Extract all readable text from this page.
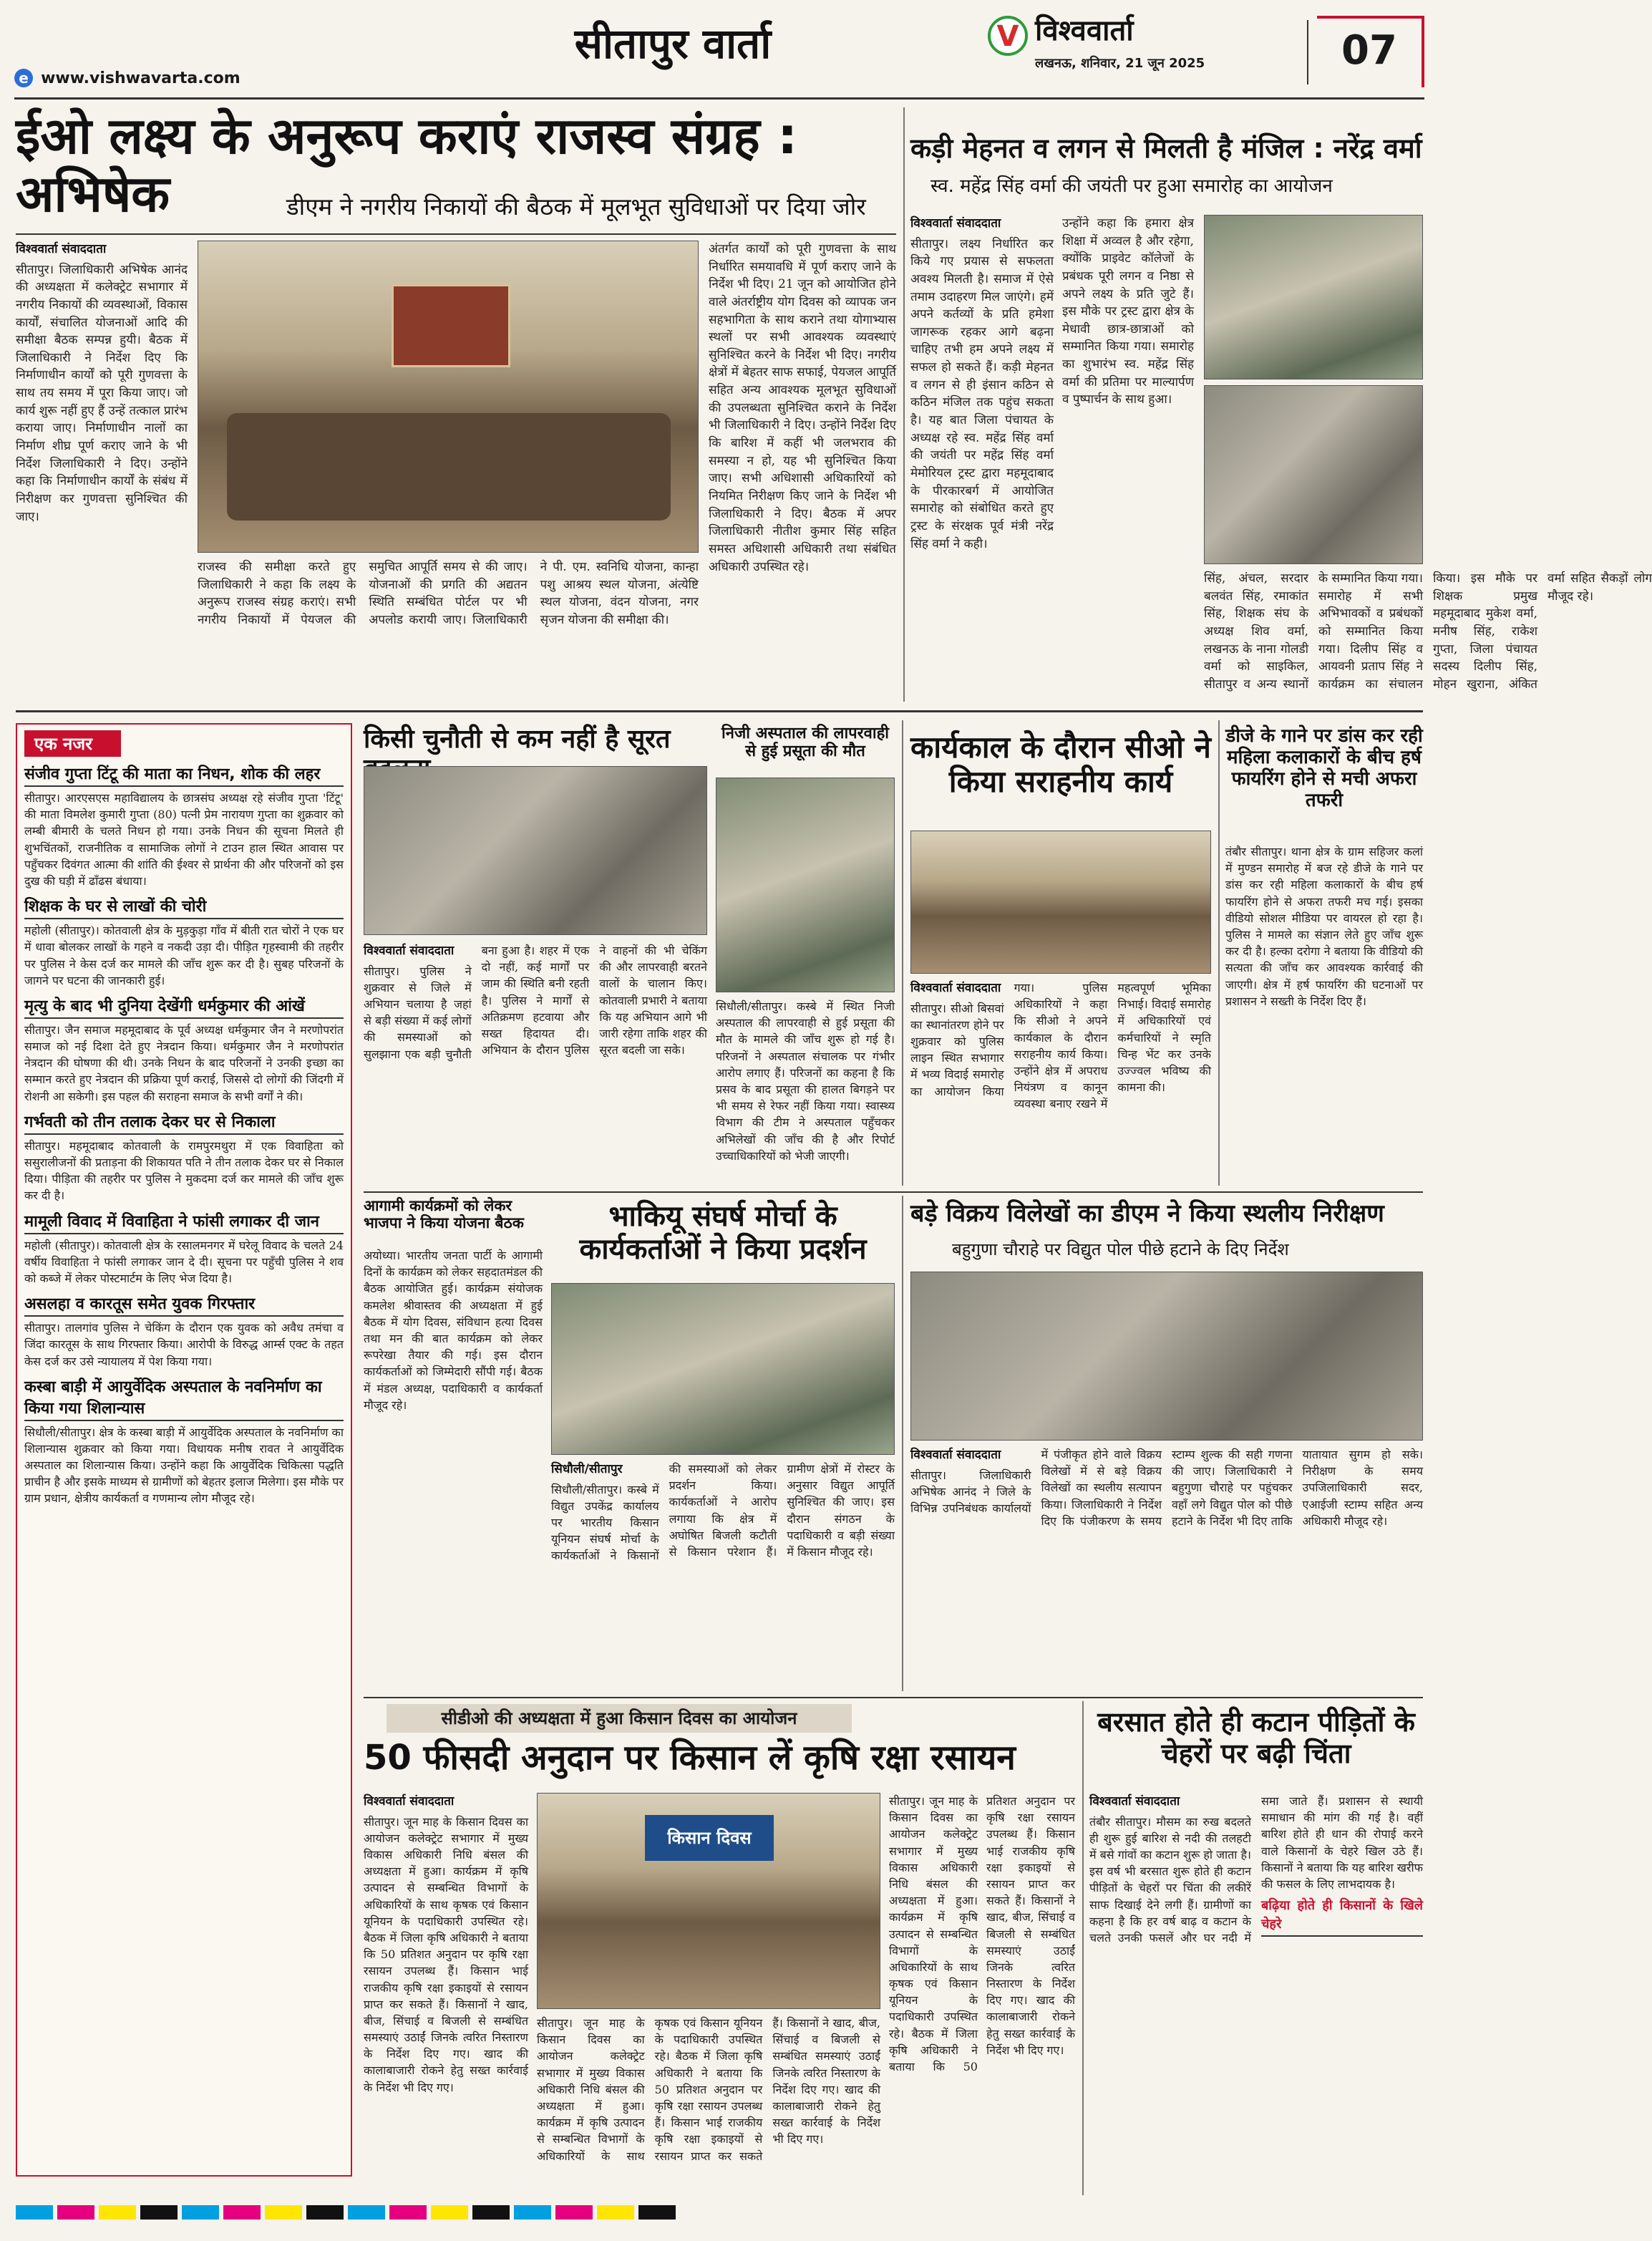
e www.vishwavarta.com
सीतापुर वार्ता	V विश्ववार्ता
लखनऊ, शनिवार, 21 जून 2025	07
ईओ लक्ष्य के अनुरूप कराएं राजस्व संग्रह : अभिषेक	डीएम ने नगरीय निकायों की बैठक में मूलभूत सुविधाओं पर दिया जोर
विश्ववार्ता संवाददाता
सीतापुर। जिलाधिकारी अभिषेक आनंद की अध्यक्षता में कलेक्ट्रेट सभागार में नगरीय निकायों की व्यवस्थाओं, विकास कार्यों, संचालित योजनाओं आदि की समीक्षा बैठक सम्पन्न हुयी। बैठक में जिलाधिकारी ने निर्देश दिए कि निर्माणाधीन कार्यों को पूरी गुणवत्ता के साथ तय समय में पूरा किया जाए। जो कार्य शुरू नहीं हुए हैं उन्हें तत्काल प्रारंभ कराया जाए। निर्माणाधीन नालों का निर्माण शीघ्र पूर्ण कराए जाने के भी निर्देश जिलाधिकारी ने दिए। उन्होंने कहा कि निर्माणाधीन कार्यों के संबंध में निरीक्षण कर गुणवत्ता सुनिश्चित की जाए।
राजस्व की समीक्षा करते हुए जिलाधिकारी ने कहा कि लक्ष्य के अनुरूप राजस्व संग्रह कराएं। सभी नगरीय निकायों में पेयजल की समुचित आपूर्ति समय से की जाए। योजनाओं की प्रगति की अद्यतन स्थिति सम्बंधित पोर्टल पर भी अपलोड करायी जाए। जिलाधिकारी ने पी. एम. स्वनिधि योजना, कान्हा पशु आश्रय स्थल योजना, अंत्येष्टि स्थल योजना, वंदन योजना, नगर सृजन योजना की समीक्षा की।
अंतर्गत कार्यों को पूरी गुणवत्ता के साथ निर्धारित समयावधि में पूर्ण कराए जाने के निर्देश भी दिए। 21 जून को आयोजित होने वाले अंतर्राष्ट्रीय योग दिवस को व्यापक जन सहभागिता के साथ कराने तथा योगाभ्यास स्थलों पर सभी आवश्यक व्यवस्थाएं सुनिश्चित करने के निर्देश भी दिए। नगरीय क्षेत्रों में बेहतर साफ सफाई, पेयजल आपूर्ति सहित अन्य आवश्यक मूलभूत सुविधाओं की उपलब्धता सुनिश्चित कराने के निर्देश भी जिलाधिकारी ने दिए। उन्होंने निर्देश दिए कि बारिश में कहीं भी जलभराव की समस्या न हो, यह भी सुनिश्चित किया जाए। सभी अधिशासी अधिकारियों को नियमित निरीक्षण किए जाने के निर्देश भी जिलाधिकारी ने दिए। बैठक में अपर जिलाधिकारी नीतीश कुमार सिंह सहित समस्त अधिशासी अधिकारी तथा संबंधित अधिकारी उपस्थित रहे।
कड़ी मेहनत व लगन से मिलती है मंजिल : नरेंद्र वर्मा
स्व. महेंद्र सिंह वर्मा की जयंती पर हुआ समारोह का आयोजन
विश्ववार्ता संवाददाता
सीतापुर। लक्ष्य निर्धारित कर किये गए प्रयास से सफलता अवश्य मिलती है। समाज में ऐसे तमाम उदाहरण मिल जाएंगे। हमें अपने कर्तव्यों के प्रति हमेशा जागरूक रहकर आगे बढ़ना चाहिए तभी हम अपने लक्ष्य में सफल हो सकते हैं। कड़ी मेहनत व लगन से ही इंसान कठिन से कठिन मंजिल तक पहुंच सकता है। यह बात जिला पंचायत के अध्यक्ष रहे स्व. महेंद्र सिंह वर्मा की जयंती पर महेंद्र सिंह वर्मा मेमोरियल ट्रस्ट द्वारा महमूदाबाद के पीरकारबर्ग में आयोजित समारोह को संबोधित करते हुए ट्रस्ट के संरक्षक पूर्व मंत्री नरेंद्र सिंह वर्मा ने कही।
उन्होंने कहा कि हमारा क्षेत्र शिक्षा में अव्वल है और रहेगा, क्योंकि प्राइवेट कॉलेजों के प्रबंधक पूरी लगन व निष्ठा से अपने लक्ष्य के प्रति जुटे हैं। इस मौके पर ट्रस्ट द्वारा क्षेत्र के मेधावी छात्र-छात्राओं को सम्मानित किया गया। समारोह का शुभारंभ स्व. महेंद्र सिंह वर्मा की प्रतिमा पर माल्यार्पण व पुष्पार्चन के साथ हुआ।
सिंह, अंचल, सरदार बलवंत सिंह, रमाकांत सिंह, शिक्षक संघ के अध्यक्ष शिव वर्मा, लखनऊ के नाना गोलडी वर्मा को साइकिल, सीतापुर व अन्य स्थानों के सम्मानित किया गया। समारोह में सभी अभिभावकों व प्रबंधकों को सम्मानित किया गया। दिलीप सिंह व आयवनी प्रताप सिंह ने कार्यक्रम का संचालन किया। इस मौके पर शिक्षक प्रमुख महमूदाबाद मुकेश वर्मा, मनीष सिंह, राकेश गुप्ता, जिला पंचायत सदस्य दिलीप सिंह, मोहन खुराना, अंकित वर्मा सहित सैकड़ों लोग मौजूद रहे।
एक नजर
संजीव गुप्ता टिंटू की माता का निधन, शोक की लहर
सीतापुर। आरएसएस महाविद्यालय के छात्रसंघ अध्यक्ष रहे संजीव गुप्ता 'टिंटू' की माता विमलेश कुमारी गुप्ता (80) पत्नी प्रेम नारायण गुप्ता का शुक्रवार को लम्बी बीमारी के चलते निधन हो गया। उनके निधन की सूचना मिलते ही शुभचिंतकों, राजनीतिक व सामाजिक लोगों ने टाउन हाल स्थित आवास पर पहुँचकर दिवंगत आत्मा की शांति की ईश्वर से प्रार्थना की और परिजनों को इस दुख की घड़ी में ढाँढस बंधाया।
शिक्षक के घर से लाखों की चोरी
महोली (सीतापुर)। कोतवाली क्षेत्र के मुड़कुड़ा गाँव में बीती रात चोरों ने एक घर में धावा बोलकर लाखों के गहने व नकदी उड़ा दी। पीड़ित गृहस्वामी की तहरीर पर पुलिस ने केस दर्ज कर मामले की जाँच शुरू कर दी है। सुबह परिजनों के जागने पर घटना की जानकारी हुई।
मृत्यु के बाद भी दुनिया देखेंगी धर्मकुमार की आंखें
सीतापुर। जैन समाज महमूदाबाद के पूर्व अध्यक्ष धर्मकुमार जैन ने मरणोपरांत समाज को नई दिशा देते हुए नेत्रदान किया। धर्मकुमार जैन ने मरणोपरांत नेत्रदान की घोषणा की थी। उनके निधन के बाद परिजनों ने उनकी इच्छा का सम्मान करते हुए नेत्रदान की प्रक्रिया पूर्ण कराई, जिससे दो लोगों की जिंदगी में रोशनी आ सकेगी। इस पहल की सराहना समाज के सभी वर्गों ने की।
गर्भवती को तीन तलाक देकर घर से निकाला
सीतापुर। महमूदाबाद कोतवाली के रामपुरमथुरा में एक विवाहिता को ससुरालीजनों की प्रताड़ना की शिकायत पति ने तीन तलाक देकर घर से निकाल दिया। पीड़िता की तहरीर पर पुलिस ने मुकदमा दर्ज कर मामले की जाँच शुरू कर दी है।
मामूली विवाद में विवाहिता ने फांसी लगाकर दी जान
महोली (सीतापुर)। कोतवाली क्षेत्र के रसालमनगर में घरेलू विवाद के चलते 24 वर्षीय विवाहिता ने फांसी लगाकर जान दे दी। सूचना पर पहुँची पुलिस ने शव को कब्जे में लेकर पोस्टमार्टम के लिए भेज दिया है।
असलहा व कारतूस समेत युवक गिरफ्तार
सीतापुर। तालगांव पुलिस ने चेकिंग के दौरान एक युवक को अवैध तमंचा व जिंदा कारतूस के साथ गिरफ्तार किया। आरोपी के विरुद्ध आर्म्स एक्ट के तहत केस दर्ज कर उसे न्यायालय में पेश किया गया।
कस्बा बाड़ी में आयुर्वेदिक अस्पताल के नवनिर्माण का किया गया शिलान्यास
सिधौली/सीतापुर। क्षेत्र के कस्बा बाड़ी में आयुर्वेदिक अस्पताल के नवनिर्माण का शिलान्यास शुक्रवार को किया गया। विधायक मनीष रावत ने आयुर्वेदिक अस्पताल का शिलान्यास किया। उन्होंने कहा कि आयुर्वेदिक चिकित्सा पद्धति प्राचीन है और इसके माध्यम से ग्रामीणों को बेहतर इलाज मिलेगा। इस मौके पर ग्राम प्रधान, क्षेत्रीय कार्यकर्ता व गणमान्य लोग मौजूद रहे।
किसी चुनौती से कम नहीं है सूरत
विश्ववार्ता संवाददाता
सीतापुर। पुलिस ने शुक्रवार से जिले में अभियान चलाया है जहां से बड़ी संख्या में कई लोगों की समस्याओं को सुलझाना एक बड़ी चुनौती बना हुआ है। शहर में एक दो नहीं, कई मार्गों पर जाम की स्थिति बनी रहती है। पुलिस ने मार्गों से अतिक्रमण हटवाया और सख्त हिदायत दी। अभियान के दौरान पुलिस ने वाहनों की भी चेकिंग की और लापरवाही बरतने वालों के चालान किए। कोतवाली प्रभारी ने बताया कि यह अभियान आगे भी जारी रहेगा ताकि शहर की सूरत बदली जा सके।
निजी अस्पताल की लापरवाही से हुई प्रसूता की मौत
सिधौली/सीतापुर। कस्बे में स्थित निजी अस्पताल की लापरवाही से हुई प्रसूता की मौत के मामले की जाँच शुरू हो गई है। परिजनों ने अस्पताल संचालक पर गंभीर आरोप लगाए हैं। परिजनों का कहना है कि प्रसव के बाद प्रसूता की हालत बिगड़ने पर भी समय से रेफर नहीं किया गया। स्वास्थ्य विभाग की टीम ने अस्पताल पहुँचकर अभिलेखों की जाँच की है और रिपोर्ट उच्चाधिकारियों को भेजी जाएगी।
कार्यकाल के दौरान सीओ ने किया सराहनीय कार्य
विश्ववार्ता संवाददाता
सीतापुर। सीओ बिसवां का स्थानांतरण होने पर शुक्रवार को पुलिस लाइन स्थित सभागार में भव्य विदाई समारोह का आयोजन किया गया। पुलिस अधिकारियों ने कहा कि सीओ ने अपने कार्यकाल के दौरान सराहनीय कार्य किया। उन्होंने क्षेत्र में अपराध नियंत्रण व कानून व्यवस्था बनाए रखने में महत्वपूर्ण भूमिका निभाई। विदाई समारोह में अधिकारियों एवं कर्मचारियों ने स्मृति चिन्ह भेंट कर उनके उज्ज्वल भविष्य की कामना की।
डीजे के गाने पर डांस कर रही महिला कलाकारों के बीच हर्ष फायरिंग होने से मची अफरा तफरी
तंबौर सीतापुर। थाना क्षेत्र के ग्राम सहिजर कलां में मुण्डन समारोह में बज रहे डीजे के गाने पर डांस कर रही महिला कलाकारों के बीच हर्ष फायरिंग होने से अफरा तफरी मच गई। इसका वीडियो सोशल मीडिया पर वायरल हो रहा है। पुलिस ने मामले का संज्ञान लेते हुए जाँच शुरू कर दी है। हल्का दरोगा ने बताया कि वीडियो की सत्यता की जाँच कर आवश्यक कार्रवाई की जाएगी। क्षेत्र में हर्ष फायरिंग की घटनाओं पर प्रशासन ने सख्ती के निर्देश दिए हैं।
आगामी कार्यक्रमों को लेकर भाजपा ने किया योजना बैठक
अयोध्या। भारतीय जनता पार्टी के आगामी दिनों के कार्यक्रम को लेकर सहदातमंडल की बैठक आयोजित हुई। कार्यक्रम संयोजक कमलेश श्रीवास्तव की अध्यक्षता में हुई बैठक में योग दिवस, संविधान हत्या दिवस तथा मन की बात कार्यक्रम को लेकर रूपरेखा तैयार की गई। इस दौरान कार्यकर्ताओं को जिम्मेदारी सौंपी गई। बैठक में मंडल अध्यक्ष, पदाधिकारी व कार्यकर्ता मौजूद रहे।
भाकियू संघर्ष मोर्चा के कार्यकर्ताओं ने किया प्रदर्शन
सिधौली/सीतापुर
सिधौली/सीतापुर। कस्बे में विद्युत उपकेंद्र कार्यालय पर भारतीय किसान यूनियन संघर्ष मोर्चा के कार्यकर्ताओं ने किसानों की समस्याओं को लेकर प्रदर्शन किया। कार्यकर्ताओं ने आरोप लगाया कि क्षेत्र में अघोषित बिजली कटौती से किसान परेशान हैं। ग्रामीण क्षेत्रों में रोस्टर के अनुसार विद्युत आपूर्ति सुनिश्चित की जाए। इस दौरान संगठन के पदाधिकारी व बड़ी संख्या में किसान मौजूद रहे।
बड़े विक्रय विलेखों का डीएम ने किया स्थलीय निरीक्षण
बहुगुणा चौराहे पर विद्युत पोल पीछे हटाने के दिए निर्देश
विश्ववार्ता संवाददाता
सीतापुर। जिलाधिकारी अभिषेक आनंद ने जिले के विभिन्न उपनिबंधक कार्यालयों में पंजीकृत होने वाले विक्रय विलेखों में से बड़े विक्रय विलेखों का स्थलीय सत्यापन किया। जिलाधिकारी ने निर्देश दिए कि पंजीकरण के समय स्टाम्प शुल्क की सही गणना की जाए। जिलाधिकारी ने बहुगुणा चौराहे पर पहुंचकर वहाँ लगे विद्युत पोल को पीछे हटाने के निर्देश भी दिए ताकि यातायात सुगम हो सके। निरीक्षण के समय उपजिलाधिकारी सदर, एआईजी स्टाम्प सहित अन्य अधिकारी मौजूद रहे।
सीडीओ की अध्यक्षता में हुआ किसान दिवस का आयोजन
50 फीसदी अनुदान पर किसान लें कृषि रक्षा रसायन
विश्ववार्ता संवाददाता
सीतापुर। जून माह के किसान दिवस का आयोजन कलेक्ट्रेट सभागार में मुख्य विकास अधिकारी निधि बंसल की अध्यक्षता में हुआ। कार्यक्रम में कृषि उत्पादन से सम्बन्धित विभागों के अधिकारियों के साथ कृषक एवं किसान यूनियन के पदाधिकारी उपस्थित रहे। बैठक में जिला कृषि अधिकारी ने बताया कि 50 प्रतिशत अनुदान पर कृषि रक्षा रसायन उपलब्ध हैं। किसान भाई राजकीय कृषि रक्षा इकाइयों से रसायन प्राप्त कर सकते हैं। किसानों ने खाद, बीज, सिंचाई व बिजली से सम्बंधित समस्याएं उठाईं जिनके त्वरित निस्तारण के निर्देश दिए गए। खाद की कालाबाजारी रोकने हेतु सख्त कार्रवाई के निर्देश भी दिए गए।
किसान दिवस
सीतापुर। जून माह के किसान दिवस का आयोजन कलेक्ट्रेट सभागार में मुख्य विकास अधिकारी निधि बंसल की अध्यक्षता में हुआ। कार्यक्रम में कृषि उत्पादन से सम्बन्धित विभागों के अधिकारियों के साथ कृषक एवं किसान यूनियन के पदाधिकारी उपस्थित रहे। बैठक में जिला कृषि अधिकारी ने बताया कि 50 प्रतिशत अनुदान पर कृषि रक्षा रसायन उपलब्ध हैं। किसान भाई राजकीय कृषि रक्षा इकाइयों से रसायन प्राप्त कर सकते हैं। किसानों ने खाद, बीज, सिंचाई व बिजली से सम्बंधित समस्याएं उठाईं जिनके त्वरित निस्तारण के निर्देश दिए गए। खाद की कालाबाजारी रोकने हेतु सख्त कार्रवाई के निर्देश भी दिए गए।
सीतापुर। जून माह के किसान दिवस का आयोजन कलेक्ट्रेट सभागार में मुख्य विकास अधिकारी निधि बंसल की अध्यक्षता में हुआ। कार्यक्रम में कृषि उत्पादन से सम्बन्धित विभागों के अधिकारियों के साथ कृषक एवं किसान यूनियन के पदाधिकारी उपस्थित रहे। बैठक में जिला कृषि अधिकारी ने बताया कि 50 प्रतिशत अनुदान पर कृषि रक्षा रसायन उपलब्ध हैं। किसान भाई राजकीय कृषि रक्षा इकाइयों से रसायन प्राप्त कर सकते हैं। किसानों ने खाद, बीज, सिंचाई व बिजली से सम्बंधित समस्याएं उठाईं जिनके त्वरित निस्तारण के निर्देश दिए गए। खाद की कालाबाजारी रोकने हेतु सख्त कार्रवाई के निर्देश भी दिए गए।
बरसात होते ही कटान पीड़ितों के चेहरों पर बढ़ी चिंता
विश्ववार्ता संवाददाता
तंबौर सीतापुर। मौसम का रुख बदलते ही शुरू हुई बारिश से नदी की तलहटी में बसे गांवों का कटान शुरू हो जाता है। इस वर्ष भी बरसात शुरू होते ही कटान पीड़ितों के चेहरों पर चिंता की लकीरें साफ दिखाई देने लगी हैं। ग्रामीणों का कहना है कि हर वर्ष बाढ़ व कटान के चलते उनकी फसलें और घर नदी में समा जाते हैं। प्रशासन से स्थायी समाधान की मांग की गई है। वहीं बारिश होते ही धान की रोपाई करने वाले किसानों के चेहरे खिल उठे हैं। किसानों ने बताया कि यह बारिश खरीफ की फसल के लिए लाभदायक है।
बढ़िया होते ही किसानों के खिले चेहरे
